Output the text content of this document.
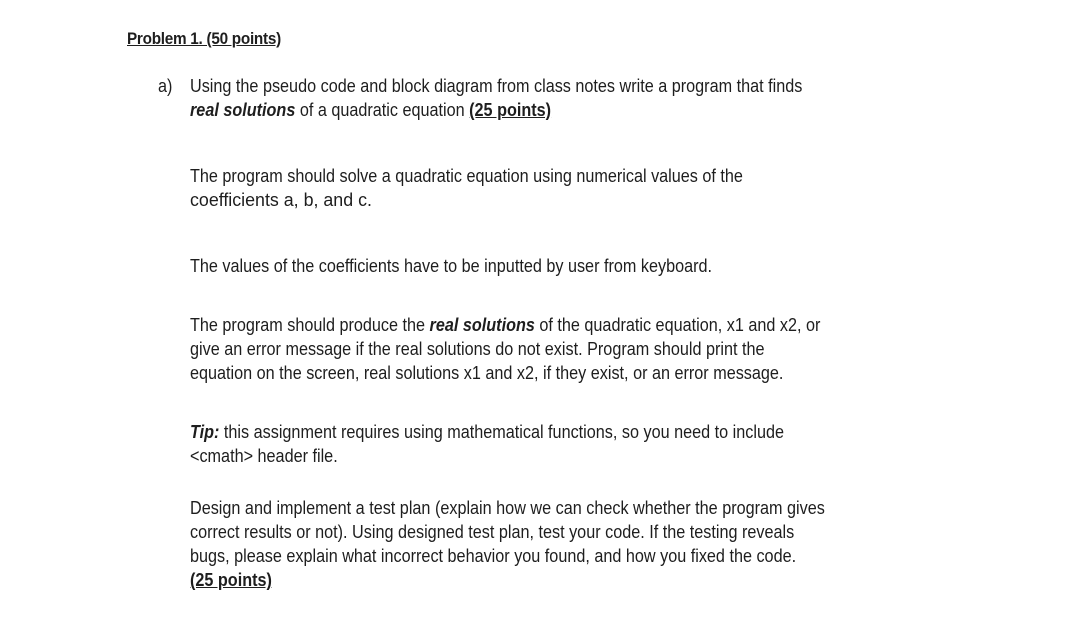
Problem 1. (50 points)
a) Using the pseudo code and block diagram from class notes write a program that finds
real solutions of a quadratic equation (25 points)
The program should solve a quadratic equation using numerical values of the
coefficients a, b, and c.
The values of the coefficients have to be inputted by user from keyboard.
The program should produce the real solutions of the quadratic equation, x1 and x2, or
give an error message if the real solutions do not exist. Program should print the
equation on the screen, real solutions x1 and x2, if they exist, or an error message.
Tip: this assignment requires using mathematical functions, so you need to include
<cmath> header file.
Design and implement a test plan (explain how we can check whether the program gives
correct results or not). Using designed test plan, test your code. If the testing reveals
bugs, please explain what incorrect behavior you found, and how you fixed the code.
(25 points)
